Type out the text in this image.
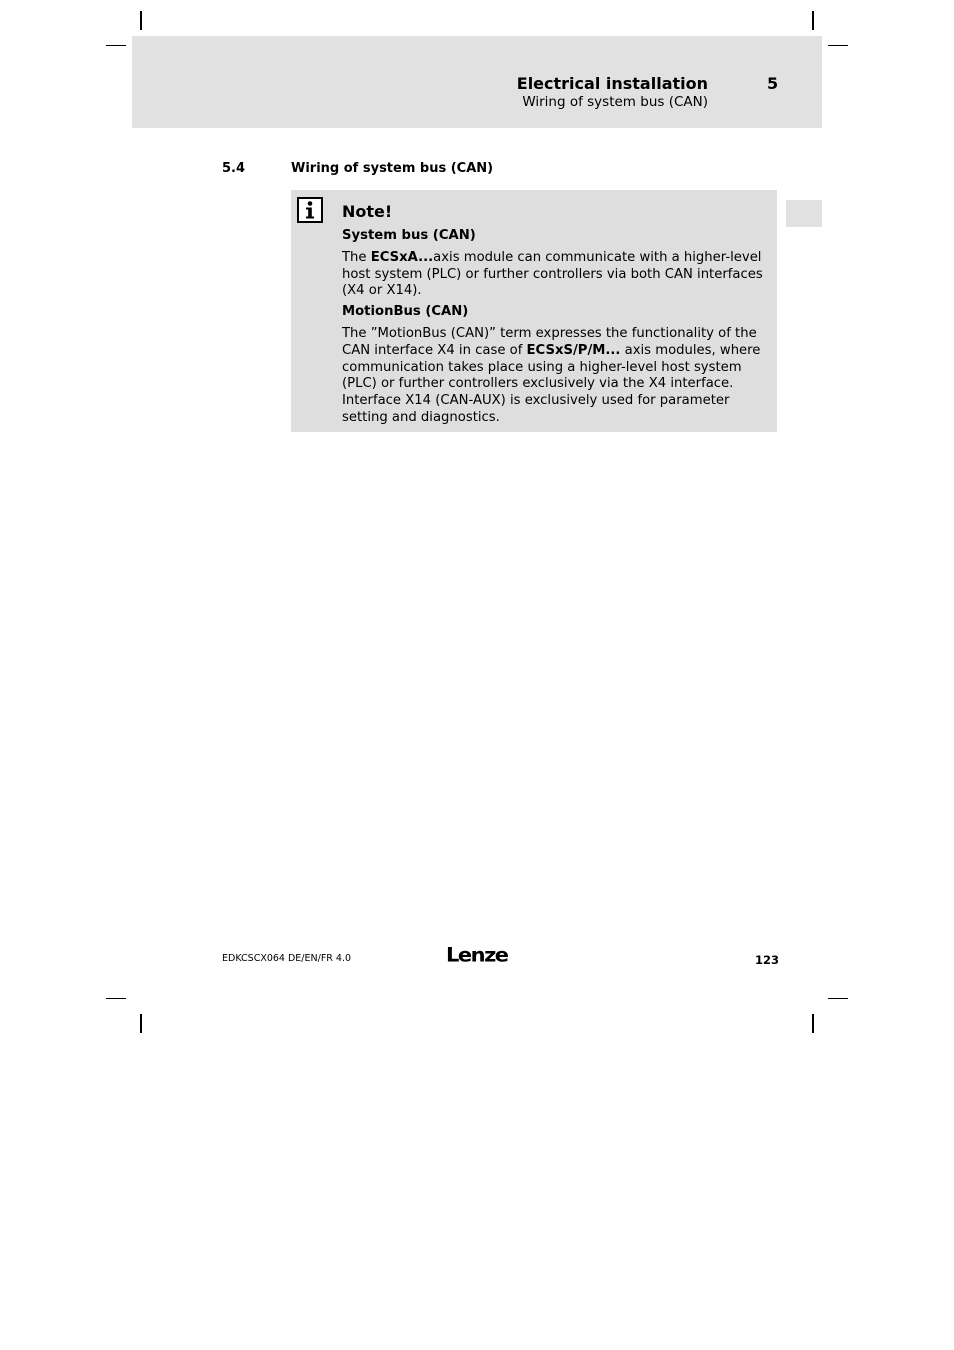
Electrical installation	5
Wiring of system bus (CAN)
5.4	Wiring of system bus (CAN)
Note!
System bus (CAN)

The ECSxA...axis module can communicate with a higher-level host system (PLC) or further controllers via both CAN interfaces (X4 or X14).

MotionBus (CAN)

The ”MotionBus (CAN)” term expresses the functionality of the CAN interface X4 in case of ECSxS/P/M... axis modules, where communication takes place using a higher-level host system (PLC) or further controllers exclusively via the X4 interface. Interface X14 (CAN-AUX) is exclusively used for parameter setting and diagnostics.

EDKCSCX064 DE/EN/FR 4.0	Lenze	123
